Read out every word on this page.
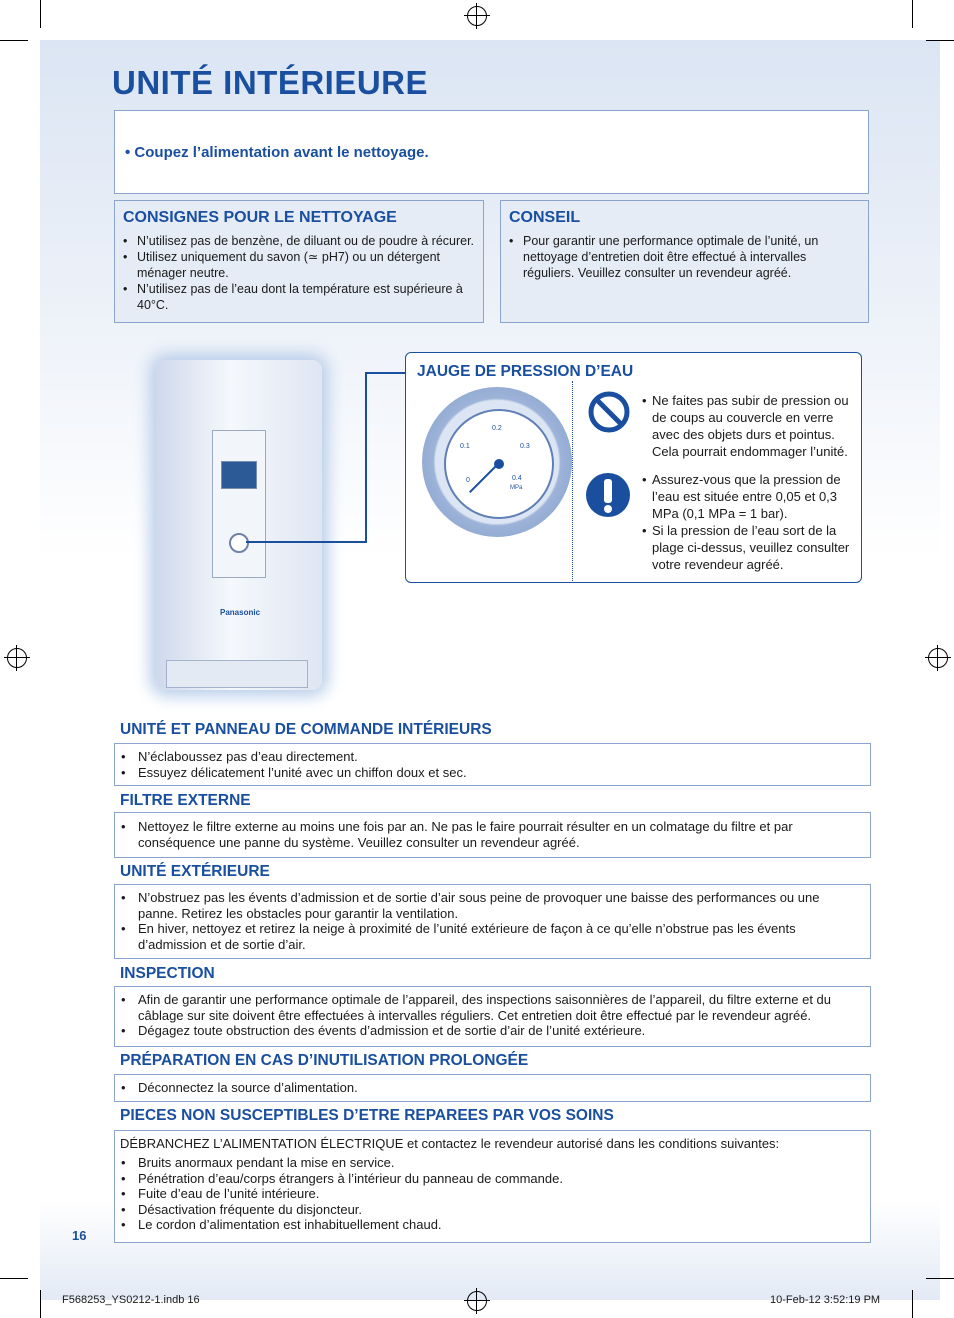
UNITÉ INTÉRIEURE
• Coupez l’alimentation avant le nettoyage.
CONSIGNES POUR LE NETTOYAGE
• N’utilisez pas de benzène, de diluant ou de poudre à récurer.
• Utilisez uniquement du savon (≃ pH7) ou un détergent ménager neutre.
• N’utilisez pas de l’eau dont la température est supérieure à 40°C.
CONSEIL
• Pour garantir une performance optimale de l’unité, un nettoyage d’entretien doit être effectué à intervalles réguliers. Veuillez consulter un revendeur agréé.
Panasonic
JAUGE DE PRESSION D’EAU
0
0.1
0.2
0.3
0.4
MPa
• Ne faites pas subir de pression ou de coups au couvercle en verre avec des objets durs et pointus. Cela pourrait endommager l’unité.
• Assurez-vous que la pression de l’eau est située entre 0,05 et 0,3 MPa (0,1 MPa = 1 bar).
• Si la pression de l’eau sort de la plage ci-dessus, veuillez consulter votre revendeur agréé.
UNITÉ ET PANNEAU DE COMMANDE INTÉRIEURS
• N’éclaboussez pas d’eau directement.
• Essuyez délicatement l’unité avec un chiffon doux et sec.
FILTRE EXTERNE
• Nettoyez le filtre externe au moins une fois par an. Ne pas le faire pourrait résulter en un colmatage du filtre et par conséquence une panne du système. Veuillez consulter un revendeur agréé.
UNITÉ EXTÉRIEURE
• N’obstruez pas les évents d’admission et de sortie d’air sous peine de provoquer une baisse des performances ou une panne. Retirez les obstacles pour garantir la ventilation.
• En hiver, nettoyez et retirez la neige à proximité de l’unité extérieure de façon à ce qu’elle n’obstrue pas les évents d’admission et de sortie d’air.
INSPECTION
• Afin de garantir une performance optimale de l’appareil, des inspections saisonnières de l’appareil, du filtre externe et du câblage sur site doivent être effectuées à intervalles réguliers. Cet entretien doit être effectué par le revendeur agréé.
• Dégagez toute obstruction des évents d’admission et de sortie d’air de l’unité extérieure.
PRÉPARATION EN CAS D’INUTILISATION PROLONGÉE
• Déconnectez la source d’alimentation.
PIECES NON SUSCEPTIBLES D’ETRE REPAREES PAR VOS SOINS
DÉBRANCHEZ L’ALIMENTATION ÉLECTRIQUE et contactez le revendeur autorisé dans les conditions suivantes:
• Bruits anormaux pendant la mise en service.
• Pénétration d’eau/corps étrangers à l’intérieur du panneau de commande.
• Fuite d’eau de l’unité intérieure.
• Désactivation fréquente du disjoncteur.
• Le cordon d’alimentation est inhabituellement chaud.
16
F568253_YS0212-1.indb 16	10-Feb-12 3:52:19 PM
